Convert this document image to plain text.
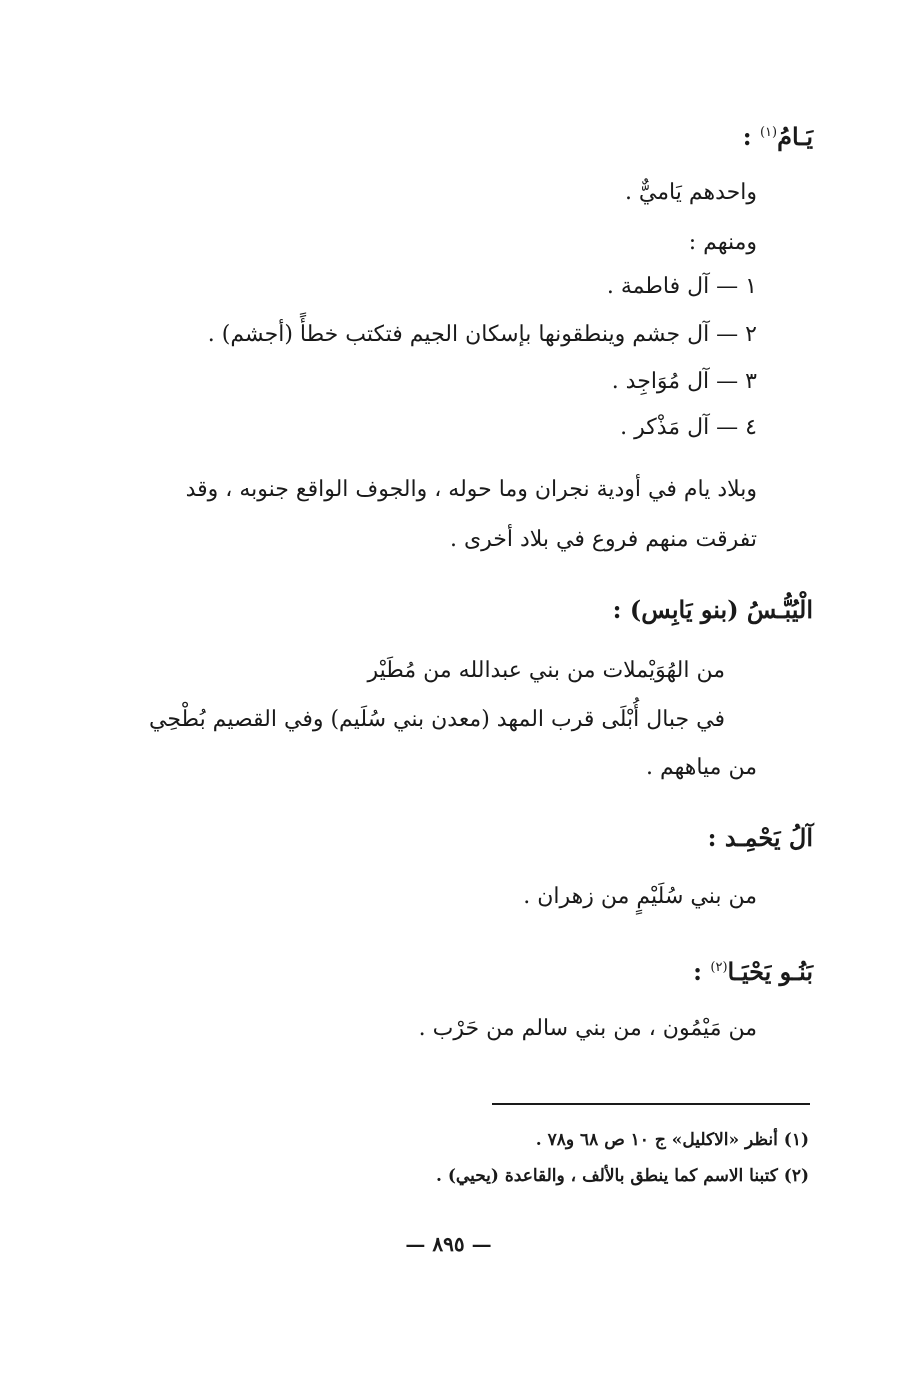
يَـامُ$^{(١)}$ :
واحدهم يَاميٌّ .
ومنهم :
١ — آل فاطمة .
٢ — آل جشم وينطقونها بإسكان الجيم فتكتب خطأً (أجشم) .
٣ — آل مُوَاجِد .
٤ — آل مَذْكر .
وبلاد يام في أودية نجران وما حوله ، والجوف الواقع جنوبه ، وقد
تفرقت منهم فروع في بلاد أخرى .
الْيُبُّـسُ (بنو يَابِس) :
من الهُوَيْملات من بني عبدالله من مُطَيْر
في جبال أُبْلَى قرب المهد (معدن بني سُلَيم) وفي القصيم بُطْحِي
من مياههم .
آلُ يَحْمِـد :
من بني سُلَيْمٍ من زهران .
بَنُـو يَحْيَـا$^{(٢)}$ :
من مَيْمُون ، من بني سالم من حَرْب .
(١) أنظر «الاكليل» ج ١٠ ص ٦٨ و٧٨ .
(٢) كتبنا الاسم كما ينطق بالألف ، والقاعدة (يحيي) .
— ٨٩٥ —
